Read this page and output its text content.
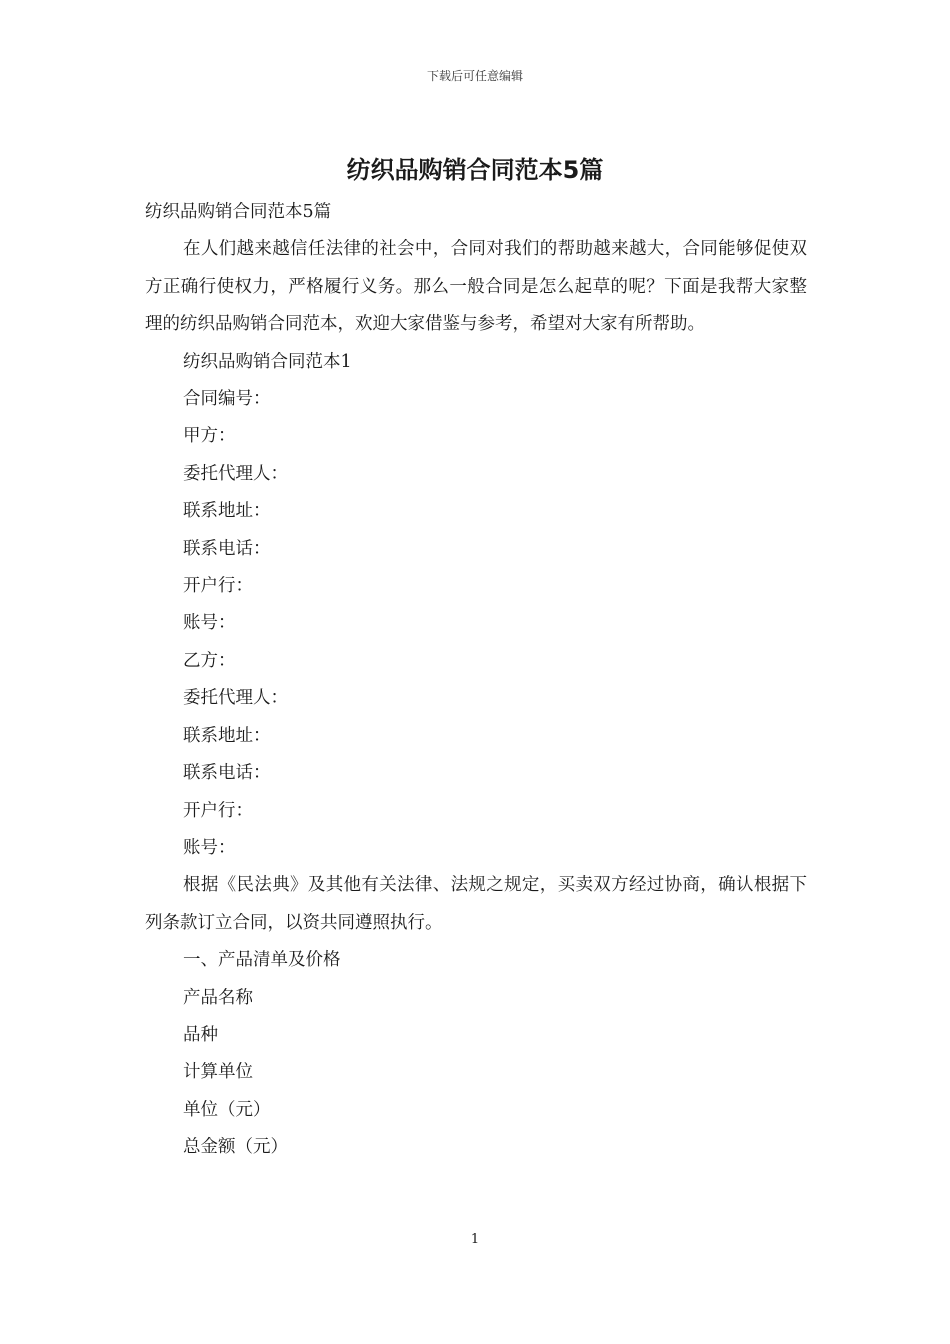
下载后可任意编辑
纺织品购销合同范本5篇

纺织品购销合同范本5篇

在人们越来越信任法律的社会中，合同对我们的帮助越来越大，合同能够促使双方正确行使权力，严格履行义务。那么一般合同是怎么起草的呢？下面是我帮大家整理的纺织品购销合同范本，欢迎大家借鉴与参考，希望对大家有所帮助。

纺织品购销合同范本1

合同编号：

甲方：

委托代理人：

联系地址：

联系电话：

开户行：

账号：

乙方：

委托代理人：

联系地址：

联系电话：

开户行：

账号：

根据《民法典》及其他有关法律、法规之规定，买卖双方经过协商，确认根据下列条款订立合同，以资共同遵照执行。

一、产品清单及价格

产品名称

品种

计算单位

单位（元）

总金额（元）

1
